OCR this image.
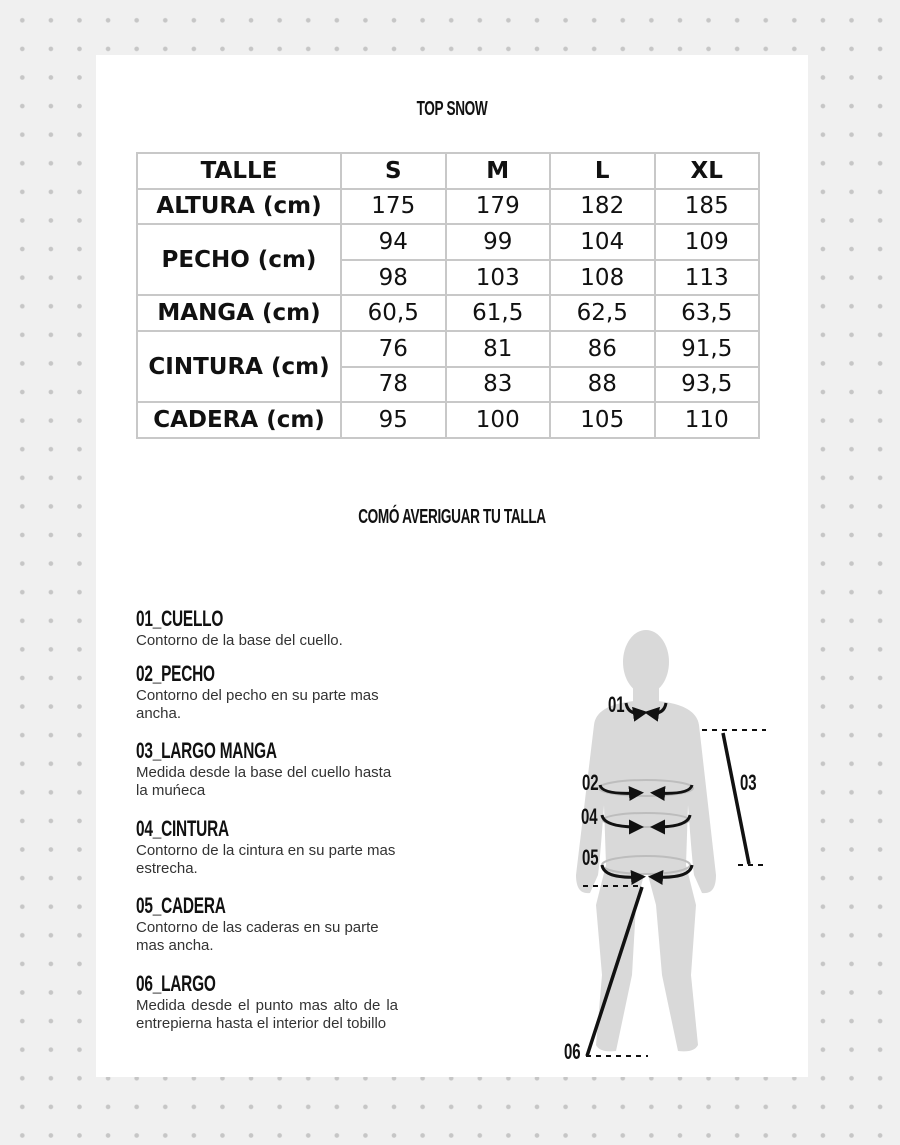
TOP SNOW
TALLE	S	M	L	XL
ALTURA (cm)	175	179	182	185
PECHO (cm)	94	99	104	109
	98	103	108	113
MANGA (cm)	60,5	61,5	62,5	63,5
CINTURA (cm)	76	81	86	91,5
	78	83	88	93,5
CADERA (cm)	95	100	105	110
COMÓ AVERIGUAR TU TALLA
01_CUELLO
Contorno de la base del cuello.
02_PECHO
Contorno del pecho en su parte mas ancha.
03_LARGO MANGA
Medida desde la base del cuello hasta la muńeca
04_CINTURA
Contorno de la cintura en su parte mas estrecha.
05_CADERA
Contorno de las caderas en su parte mas ancha.
06_LARGO
Medida desde el punto mas alto de la entrepierna hasta el interior del tobillo
01
02	03
04
05
06
